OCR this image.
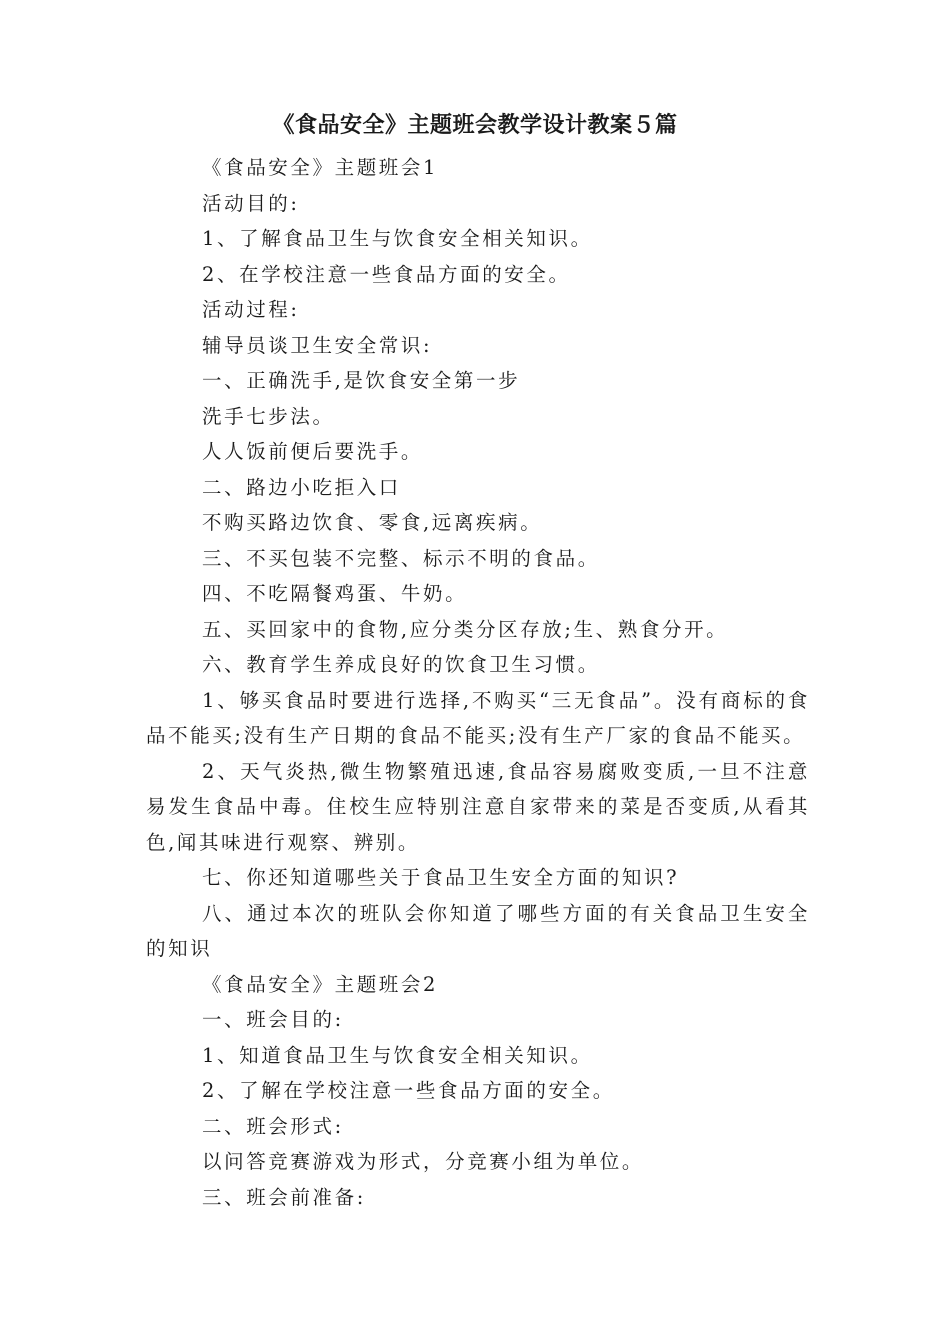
《食品安全》主题班会教学设计教案５篇
《食品安全》主题班会1
活动目的:
1、了解食品卫生与饮食安全相关知识。
2、在学校注意一些食品方面的安全。
活动过程:
辅导员谈卫生安全常识:
一、正确洗手,是饮食安全第一步
洗手七步法。
人人饭前便后要洗手。
二、路边小吃拒入口
不购买路边饮食、零食,远离疾病。
三、不买包装不完整、标示不明的食品。
四、不吃隔餐鸡蛋、牛奶。
五、买回家中的食物,应分类分区存放;生、熟食分开。
六、教育学生养成良好的饮食卫生习惯。
1、够买食品时要进行选择,不购买“三无食品”。没有商标的食品不能买;没有生产日期的食品不能买;没有生产厂家的食品不能买。
2、天气炎热,微生物繁殖迅速,食品容易腐败变质,一旦不注意易发生食品中毒。住校生应特别注意自家带来的菜是否变质,从看其色,闻其味进行观察、辨别。
七、你还知道哪些关于食品卫生安全方面的知识?
八、通过本次的班队会你知道了哪些方面的有关食品卫生安全的知识
《食品安全》主题班会2
一、班会目的:
1、知道食品卫生与饮食安全相关知识。
2、了解在学校注意一些食品方面的安全。
二、班会形式:
以问答竞赛游戏为形式，分竞赛小组为单位。
三、班会前准备:
